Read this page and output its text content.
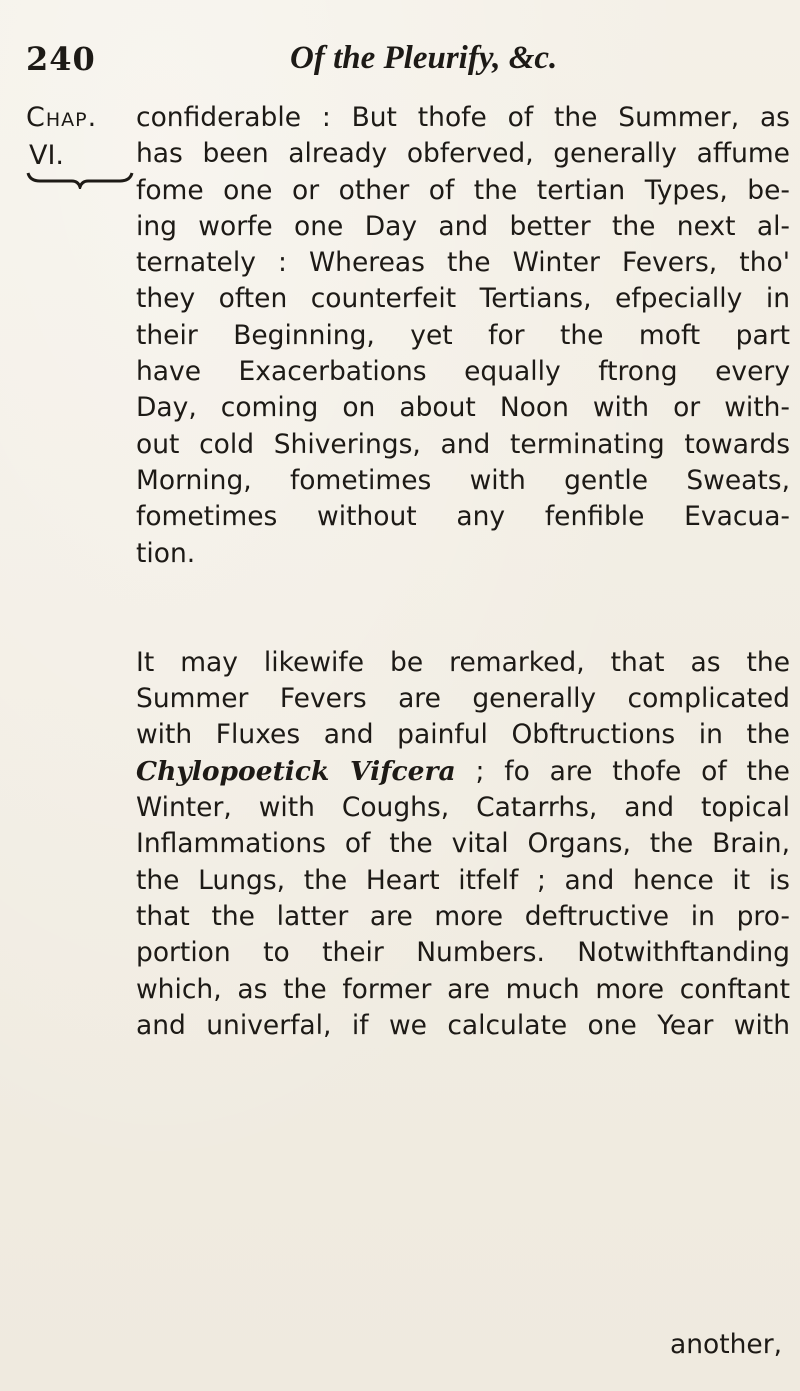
240	Of the Pleurify, &c.
Chap.
VI.
confiderable : But thofe of the Summer, as
has been already obferved, generally affume
fome one or other of the tertian Types, be-
ing worfe one Day and better the next al-
ternately : Whereas the Winter Fevers, tho'
they often counterfeit Tertians, efpecially in
their Beginning, yet for the moft part
have Exacerbations equally ftrong every
Day, coming on about Noon with or with-
out cold Shiverings, and terminating towards
Morning, fometimes with gentle Sweats,
fometimes without any fenfible Evacua-
tion.
It may likewife be remarked, that as the
Summer Fevers are generally complicated
with Fluxes and painful Obftructions in the
Chylopoetick Vifcera ; fo are thofe of the
Winter, with Coughs, Catarrhs, and topical
Inflammations of the vital Organs, the Brain,
the Lungs, the Heart itfelf ; and hence it is
that the latter are more deftructive in pro-
portion to their Numbers. Notwithftanding
which, as the former are much more conftant
and univerfal, if we calculate one Year with
another,
